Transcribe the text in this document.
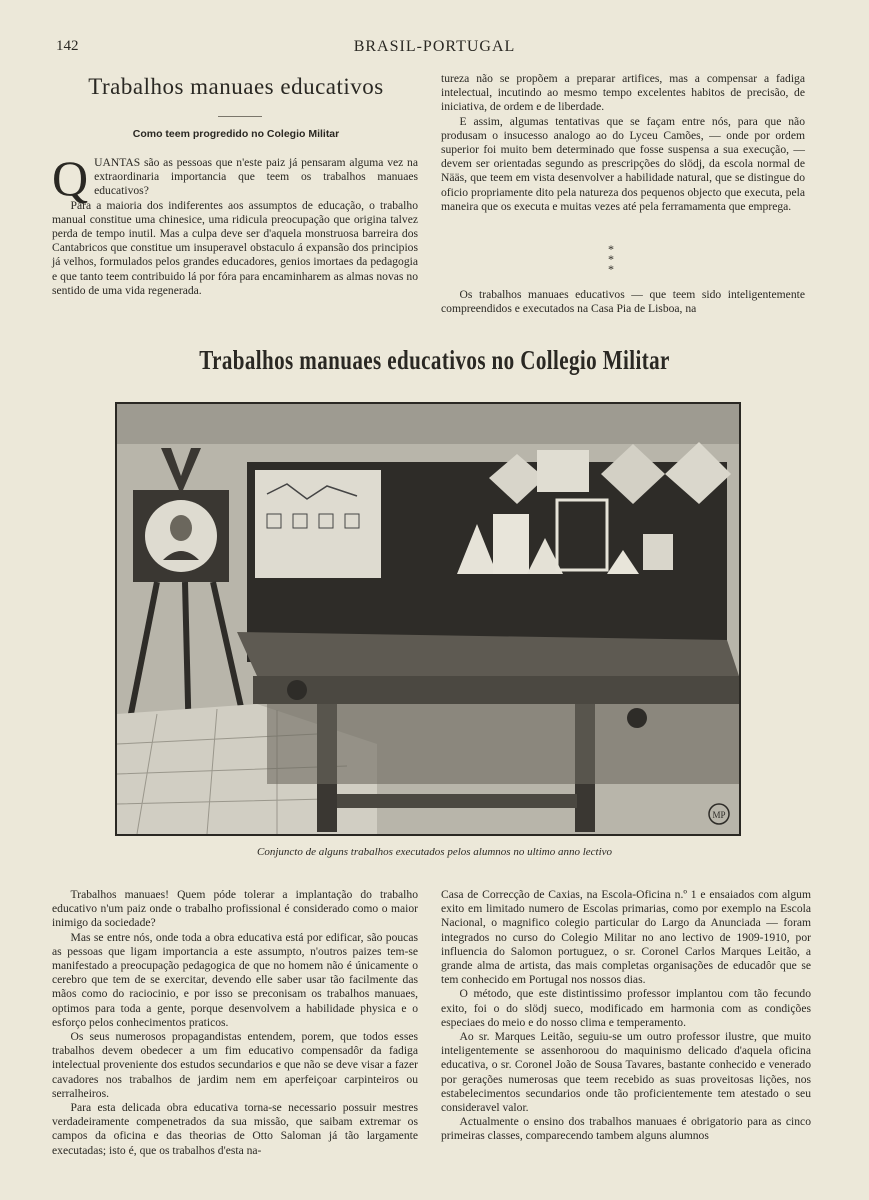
142	BRASIL-PORTUGAL
Trabalhos manuaes educativos
Como teem progredido no Colegio Militar

QUANTAS são as pessoas que n'este paiz já pensaram alguma vez na extraordinaria importancia que teem os trabalhos manuaes educativos?

Para a maioria dos indiferentes aos assumptos de educação, o trabalho manual constitue uma chinesice, uma ridicula preocupação que origina talvez perda de tempo inutil. Mas a culpa deve ser d'aquela monstruosa barreira dos Cantabricos que constitue um insuperavel obstaculo á expansão dos principios já velhos, formulados pelos grandes educadores, genios imortaes da pedagogia e que tanto teem contribuido lá por fóra para encaminharem as almas novas no sentido de uma vida regenerada.

tureza não se propõem a preparar artifices, mas a compensar a fadiga intelectual, incutindo ao mesmo tempo excelentes habitos de precisão, de iniciativa, de ordem e de liberdade.

E assim, algumas tentativas que se façam entre nós, para que não produsam o insucesso analogo ao do Lyceu Camões, — onde por ordem superior foi muito bem determinado que fosse suspensa a sua execução, — devem ser orientadas segundo as prescripções do slödj, da escola normal de Nääs, que teem em vista desenvolver a habilidade natural, que se distingue do oficio propriamente dito pela natureza dos pequenos objecto que executa, pela maneira que os executa e muitas vezes até pela ferramamenta que emprega.

* * *

Os trabalhos manuaes educativos — que teem sido inteligentemente compreendidos e executados na Casa Pia de Lisboa, na

Trabalhos manuaes educativos no Collegio Militar
MP
Conjuncto de alguns trabalhos executados pelos alumnos no ultimo anno lectivo

Trabalhos manuaes! Quem póde tolerar a implantação do trabalho educativo n'um paiz onde o trabalho profissional é considerado como o maior inimigo da sociedade?

Mas se entre nós, onde toda a obra educativa está por edificar, são poucas as pessoas que ligam importancia a este assumpto, n'outros paizes tem-se manifestado a preocupação pedagogica de que no homem não é únicamente o cerebro que tem de se exercitar, devendo elle saber usar tão facilmente das mãos como do raciocinio, e por isso se preconisam os trabalhos manuaes, optimos para toda a gente, porque desenvolvem a habilidade physica e o esforço pelos conhecimentos praticos.

Os seus numerosos propagandistas entendem, porem, que todos esses trabalhos devem obedecer a um fim educativo compensadôr da fadiga intelectual proveniente dos estudos secundarios e que não se deve visar a fazer cavadores nos trabalhos de jardim nem em aperfeiçoar carpinteiros ou serralheiros.

Para esta delicada obra educativa torna-se necessario possuir mestres verdadeiramente compenetrados da sua missão, que saibam extremar os campos da oficina e das theorias de Otto Saloman já tão largamente executadas; isto é, que os trabalhos d'esta na-

Casa de Correcção de Caxias, na Escola-Oficina n.º 1 e ensaiados com algum exito em limitado numero de Escolas primarias, como por exemplo na Escola Nacional, o magnifico colegio particular do Largo da Anunciada — foram integrados no curso do Colegio Militar no ano lectivo de 1909-1910, por influencia do Salomon portuguez, o sr. Coronel Carlos Marques Leitão, a grande alma de artista, das mais completas organisações de educadôr que se tem conhecido em Portugal nos nossos dias.

O método, que este distintissimo professor implantou com tão fecundo exito, foi o do slödj sueco, modificado em harmonia com as condições especiaes do meio e do nosso clima e temperamento.

Ao sr. Marques Leitão, seguiu-se um outro professor ilustre, que muito inteligentemente se assenhoroou do maquinismo delicado d'aquela oficina educativa, o sr. Coronel João de Sousa Tavares, bastante conhecido e venerado por gerações numerosas que teem recebido as suas proveitosas lições, nos estabelecimentos secundarios onde tão proficientemente tem atestado o seu consideravel valor.

Actualmente o ensino dos trabalhos manuaes é obrigatorio para as cinco primeiras classes, comparecendo tambem alguns alumnos
